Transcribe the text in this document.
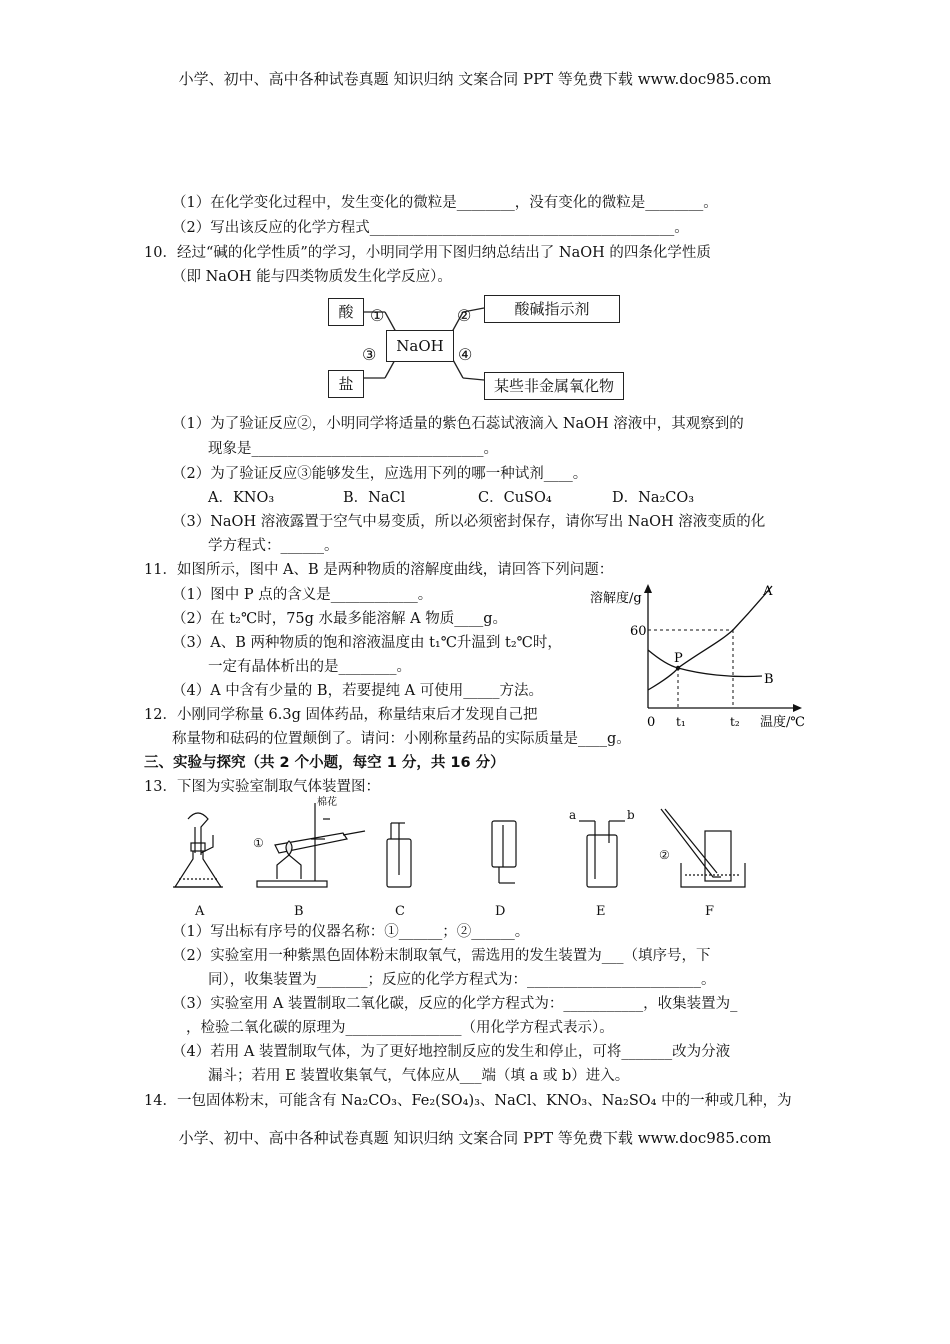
小学、初中、高中各种试卷真题 知识归纳 文案合同 PPT 等免费下载 www.doc985.com
（1）在化学变化过程中，发生变化的微粒是________，没有变化的微粒是________。
（2）写出该反应的化学方程式__________________________________________。
10．经过“碱的化学性质”的学习，小明同学用下图归纳总结出了 NaOH 的四条化学性质
（即 NaOH 能与四类物质发生化学反应）。
酸	酸碱指示剂
NaOH
盐	某些非金属氧化物
①	②
③	④
（1）为了验证反应②，小明同学将适量的紫色石蕊试液滴入 NaOH 溶液中，其观察到的
现象是________________________________。
（2）为了验证反应③能够发生，应选用下列的哪一种试剂____。
A．KNO₃	B．NaCl	C．CuSO₄	D．Na₂CO₃
（3）NaOH 溶液露置于空气中易变质，所以必须密封保存，请你写出 NaOH 溶液变质的化
学方程式：______。
11．如图所示，图中 A、B 是两种物质的溶解度曲线，请回答下列问题：
（1）图中 P 点的含义是____________。
（2）在 t₂℃时，75g 水最多能溶解 A 物质____g。
（3）A、B 两种物质的饱和溶液温度由 t₁℃升温到 t₂℃时，
一定有晶体析出的是________。
（4）A 中含有少量的 B，若要提纯 A 可使用_____方法。
溶解度/g
60
P
A
B
0 t₁	t₂ 温度/℃
12．小刚同学称量 6.3g 固体药品，称量结束后才发现自己把
称量物和砝码的位置颠倒了。请问：小刚称量药品的实际质量是____g。
三、实验与探究（共 2 个小题，每空 1 分，共 16 分）
13．下图为实验室制取气体装置图：
棉花
①
a	b
②
A	B	C	D	E	F
（1）写出标有序号的仪器名称：①______；②______。
（2）实验室用一种紫黑色固体粉末制取氧气，需选用的发生装置为___（填序号，下
同），收集装置为_______；反应的化学方程式为：________________________。
（3）实验室用 A 装置制取二氧化碳，反应的化学方程式为：___________，收集装置为_
，检验二氧化碳的原理为________________（用化学方程式表示）。
（4）若用 A 装置制取气体，为了更好地控制反应的发生和停止，可将_______改为分液
漏斗；若用 E 装置收集氧气，气体应从___端（填 a 或 b）进入。
14．一包固体粉末，可能含有 Na₂CO₃、Fe₂(SO₄)₃、NaCl、KNO₃、Na₂SO₄ 中的一种或几种，为
小学、初中、高中各种试卷真题 知识归纳 文案合同 PPT 等免费下载 www.doc985.com
